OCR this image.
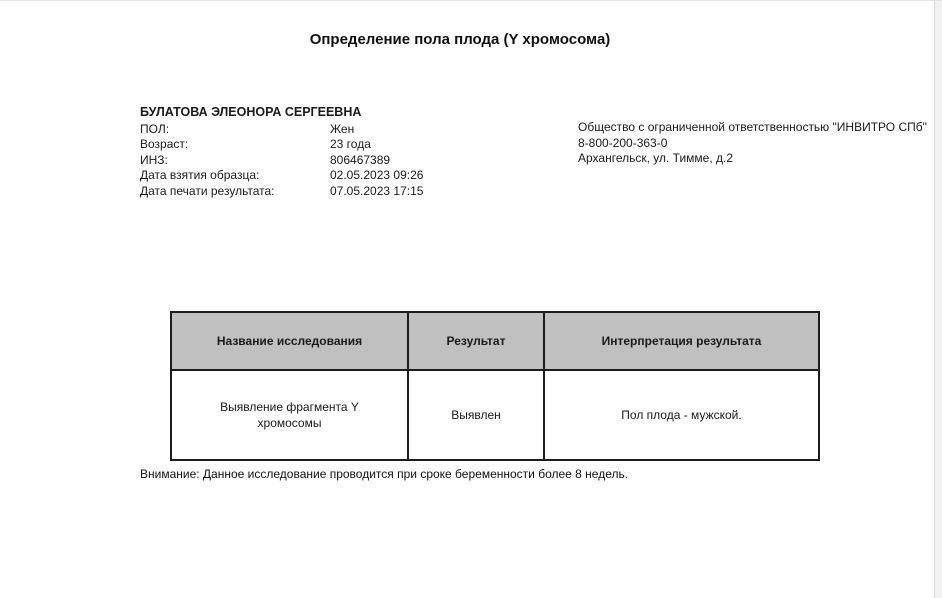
Определение пола плода (Y хромосома)
БУЛАТОВА ЭЛЕОНОРА СЕРГЕЕВНА
ПОЛ:	Жен
Возраст:	23 года
ИНЗ:	806467389
Дата взятия образца:	02.05.2023 09:26
Дата печати результата:	07.05.2023 17:15
Общество с ограниченной ответственностью "ИНВИТРО СПб"
8-800-200-363-0
Архангельск, ул. Тимме, д.2
Название исследования	Результат	Интерпретация результата
Выявление фрагмента Y хромосомы	Выявлен	Пол плода - мужской.
Внимание: Данное исследование проводится при сроке беременности более 8 недель.
